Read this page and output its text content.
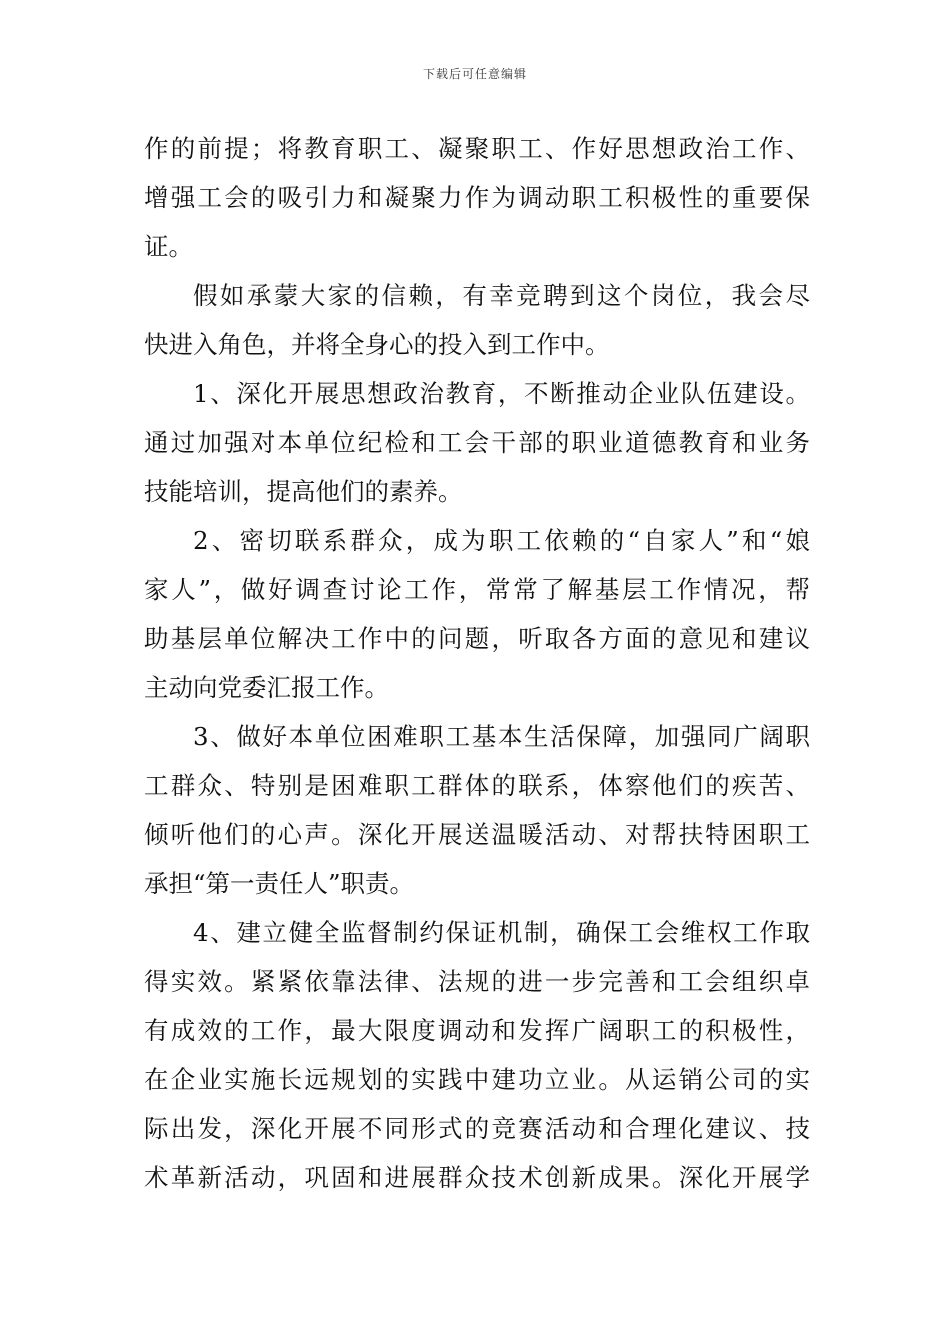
下载后可任意编辑
作的前提；将教育职工、凝聚职工、作好思想政治工作、
增强工会的吸引力和凝聚力作为调动职工积极性的重要保
证。
假如承蒙大家的信赖，有幸竞聘到这个岗位，我会尽
快进入角色，并将全身心的投入到工作中。
1、深化开展思想政治教育，不断推动企业队伍建设。
通过加强对本单位纪检和工会干部的职业道德教育和业务
技能培训，提高他们的素养。
2、密切联系群众，成为职工依赖的“自家人”和“娘
家人”，做好调查讨论工作，常常了解基层工作情况，帮
助基层单位解决工作中的问题，听取各方面的意见和建议
主动向党委汇报工作。
3、做好本单位困难职工基本生活保障，加强同广阔职
工群众、特别是困难职工群体的联系，体察他们的疾苦、
倾听他们的心声。深化开展送温暖活动、对帮扶特困职工
承担“第一责任人”职责。
4、建立健全监督制约保证机制，确保工会维权工作取
得实效。紧紧依靠法律、法规的进一步完善和工会组织卓
有成效的工作，最大限度调动和发挥广阔职工的积极性，
在企业实施长远规划的实践中建功立业。从运销公司的实
际出发，深化开展不同形式的竞赛活动和合理化建议、技
术革新活动，巩固和进展群众技术创新成果。深化开展学
